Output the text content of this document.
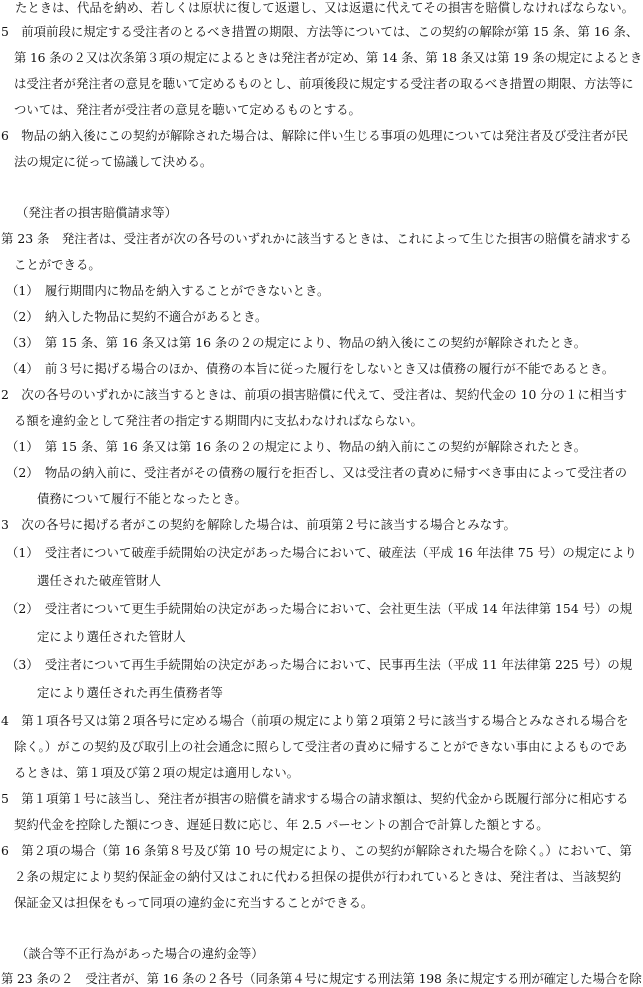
たときは、代品を納め、若しくは原状に復して返還し、又は返還に代えてその損害を賠償しなければならない。
5　前項前段に規定する受注者のとるべき措置の期限、方法等については、この契約の解除が第 15 条、第 16 条、
第 16 条の２又は次条第３項の規定によるときは発注者が定め、第 14 条、第 18 条又は第 19 条の規定によるとき
は受注者が発注者の意見を聴いて定めるものとし、前項後段に規定する受注者の取るべき措置の期限、方法等に
ついては、発注者が受注者の意見を聴いて定めるものとする。
6　物品の納入後にこの契約が解除された場合は、解除に伴い生じる事項の処理については発注者及び受注者が民
法の規定に従って協議して決める。
（発注者の損害賠償請求等）
第 23 条　発注者は、受注者が次の各号のいずれかに該当するときは、これによって生じた損害の賠償を請求する
ことができる。
（1）　履行期間内に物品を納入することができないとき。
（2）　納入した物品に契約不適合があるとき。
（3）　第 15 条、第 16 条又は第 16 条の２の規定により、物品の納入後にこの契約が解除されたとき。
（4）　前３号に掲げる場合のほか、債務の本旨に従った履行をしないとき又は債務の履行が不能であるとき。
2　次の各号のいずれかに該当するときは、前項の損害賠償に代えて、受注者は、契約代金の 10 分の１に相当す
る額を違約金として発注者の指定する期間内に支払わなければならない。
（1）　第 15 条、第 16 条又は第 16 条の２の規定により、物品の納入前にこの契約が解除されたとき。
（2）　物品の納入前に、受注者がその債務の履行を拒否し、又は受注者の責めに帰すべき事由によって受注者の
債務について履行不能となったとき。
3　次の各号に掲げる者がこの契約を解除した場合は、前項第２号に該当する場合とみなす。
（1）　受注者について破産手続開始の決定があった場合において、破産法（平成 16 年法律 75 号）の規定により
選任された破産管財人
（2）　受注者について更生手続開始の決定があった場合において、会社更生法（平成 14 年法律第 154 号）の規
定により選任された管財人
（3）　受注者について再生手続開始の決定があった場合において、民事再生法（平成 11 年法律第 225 号）の規
定により選任された再生債務者等
4　第１項各号又は第２項各号に定める場合（前項の規定により第２項第２号に該当する場合とみなされる場合を
除く。）がこの契約及び取引上の社会通念に照らして受注者の責めに帰することができない事由によるものであ
るときは、第１項及び第２項の規定は適用しない。
5　第１項第１号に該当し、発注者が損害の賠償を請求する場合の請求額は、契約代金から既履行部分に相応する
契約代金を控除した額につき、遅延日数に応じ、年 2.5 パーセントの割合で計算した額とする。
6　第２項の場合（第 16 条第８号及び第 10 号の規定により、この契約が解除された場合を除く。）において、第
２条の規定により契約保証金の納付又はこれに代わる担保の提供が行われているときは、発注者は、当該契約
保証金又は担保をもって同項の違約金に充当することができる。
（談合等不正行為があった場合の違約金等）
第 23 条の２　受注者が、第 16 条の２各号（同条第４号に規定する刑法第 198 条に規定する刑が確定した場合を除
